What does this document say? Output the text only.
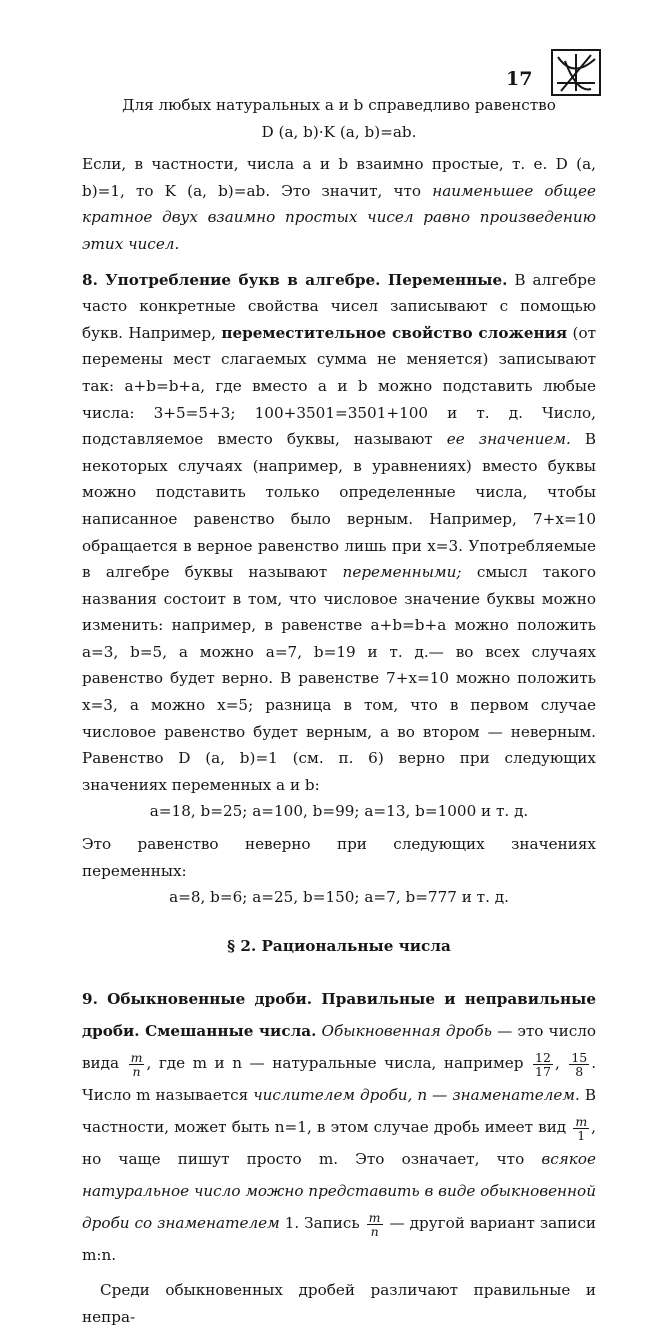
17

Для любых натуральных a и b справедливо равенство

D (a, b)·K (a, b)=ab.

Если, в частности, числа a и b взаимно простые, т. е. D (a, b)=1, то K (a, b)=ab. Это значит, что наименьшее общее кратное двух взаимно простых чисел равно произведению этих чисел.

8. Употребление букв в алгебре. Переменные. В алгебре часто конкретные свойства чисел записывают с помощью букв. Например, переместительное свойство сложения (от перемены мест слагаемых сумма не меняется) записывают так: a+b=b+a, где вместо a и b можно подставить любые числа: 3+5=5+3; 100+3501=3501+100 и т. д. Число, подставляемое вместо буквы, называют ее значением. В некоторых случаях (например, в уравнениях) вместо буквы можно подставить только определенные числа, чтобы написанное равенство было верным. Например, 7+x=10 обращается в верное равенство лишь при x=3. Употребляемые в алгебре буквы называют переменными; смысл такого названия состоит в том, что числовое значение буквы можно изменить: например, в равенстве a+b=b+a можно положить a=3, b=5, а можно a=7, b=19 и т. д.— во всех случаях равенство будет верно. В равенстве 7+x=10 можно положить x=3, а можно x=5; разница в том, что в первом случае числовое равенство будет верным, а во втором — неверным. Равенство D (a, b)=1 (см. п. 6) верно при следующих значениях переменных a и b:

a=18, b=25; a=100, b=99; a=13, b=1000 и т. д.

Это равенство неверно при следующих значениях переменных:

a=8, b=6; a=25, b=150; a=7, b=777 и т. д.

§ 2. Рациональные числа

9. Обыкновенные дроби. Правильные и неправильные дроби. Смешанные числа. Обыкновенная дробь — это число вида $\frac{m}{n}$ , где m и n — натуральные числа, например $\frac{12}{17}$ , $\frac{15}{8}$ . Число m называется числителем дроби, n — знаменателем. В частности, может быть n=1, в этом случае дробь имеет вид $\frac{m}{1}$ , но чаще пишут просто m. Это означает, что всякое натуральное число можно представить в виде обыкновенной дроби со знаменателем 1. Запись $\frac{m}{n}$ — другой вариант записи m:n.

Среди обыкновенных дробей различают правильные и непра-
